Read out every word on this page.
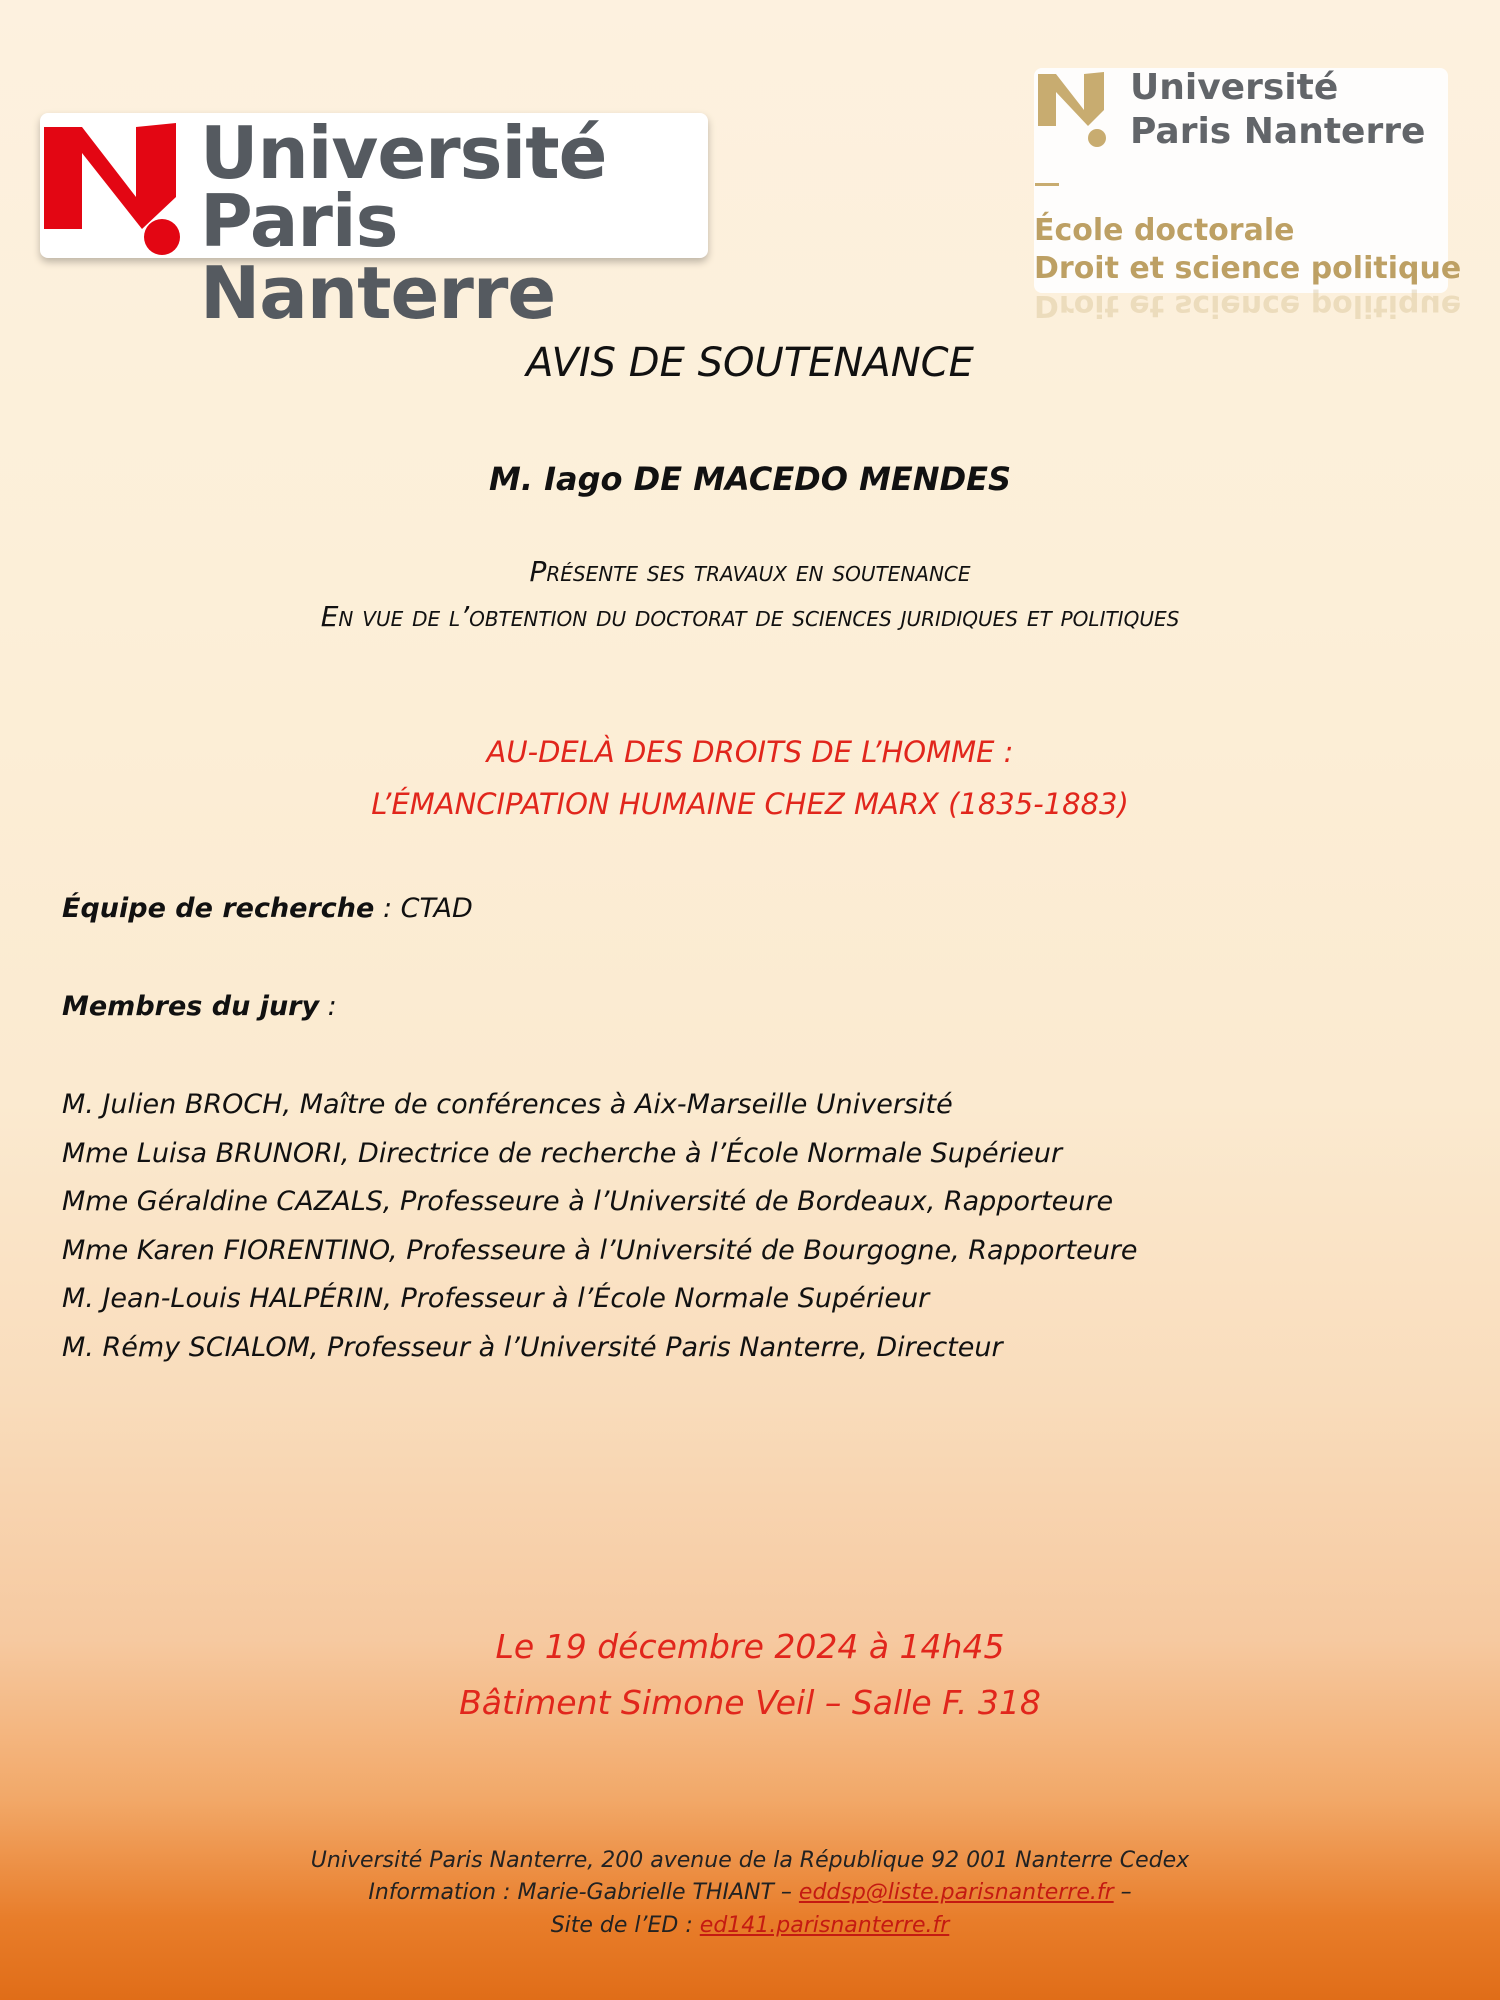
Université
Paris Nanterre
Université
Paris Nanterre
École doctorale
Droit et science politique
Droit et science politique
AVIS DE SOUTENANCE
M. Iago DE MACEDO MENDES
Présente ses travaux en soutenance
En vue de l’obtention du doctorat de sciences juridiques et politiques
AU-DELÀ DES DROITS DE L’HOMME :
L’ÉMANCIPATION HUMAINE CHEZ MARX (1835-1883)
Équipe de recherche : CTAD
Membres du jury :
M. Julien BROCH, Maître de conférences à Aix-Marseille Université
Mme Luisa BRUNORI, Directrice de recherche à l’École Normale Supérieur
Mme Géraldine CAZALS, Professeure à l’Université de Bordeaux, Rapporteure
Mme Karen FIORENTINO, Professeure à l’Université de Bourgogne, Rapporteure
M. Jean-Louis HALPÉRIN, Professeur à l’École Normale Supérieur
M. Rémy SCIALOM, Professeur à l’Université Paris Nanterre, Directeur
Le 19 décembre 2024 à 14h45
Bâtiment Simone Veil – Salle F. 318
Université Paris Nanterre, 200 avenue de la République 92 001 Nanterre Cedex
Information : Marie-Gabrielle THIANT – eddsp@liste.parisnanterre.fr –
Site de l’ED : ed141.parisnanterre.fr
